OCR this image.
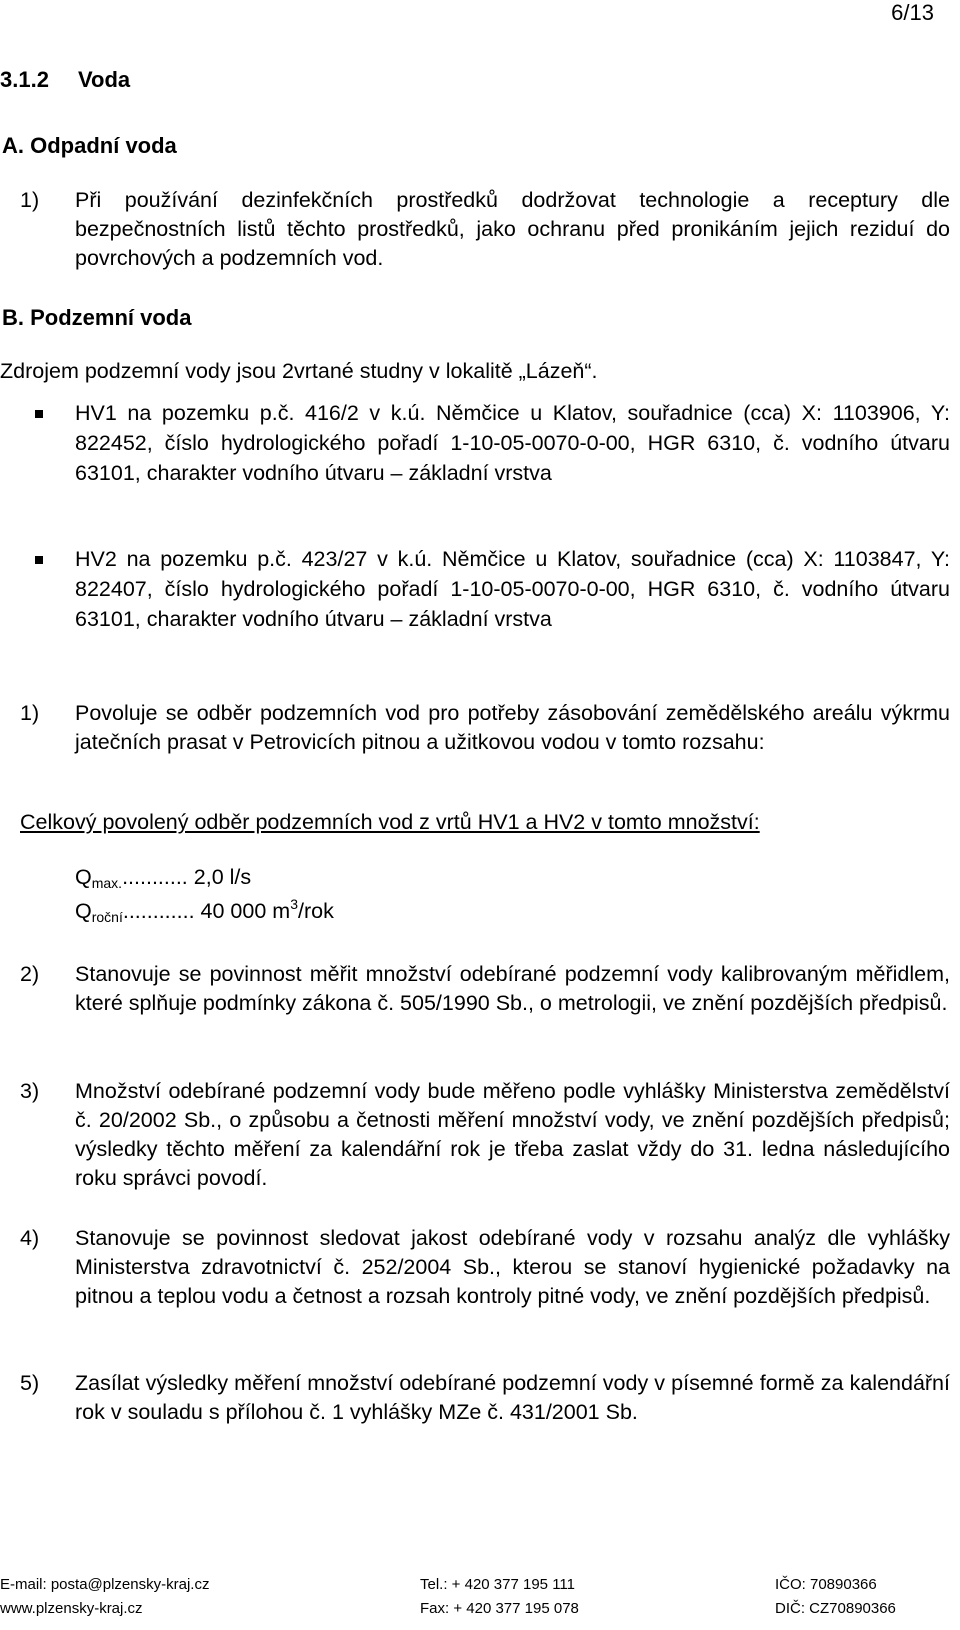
6/13
3.1.2 Voda
A. Odpadní voda
1) Při používání dezinfekčních prostředků dodržovat technologie a receptury dle bezpečnostních listů těchto prostředků, jako ochranu před pronikáním jejich reziduí do povrchových a podzemních vod.
B. Podzemní voda
Zdrojem podzemní vody jsou 2vrtané studny v lokalitě „Lázeň“.
HV1 na pozemku p.č. 416/2 v k.ú. Němčice u Klatov, souřadnice (cca) X: 1103906, Y: 822452, číslo hydrologického pořadí 1-10-05-0070-0-00, HGR 6310, č. vodního útvaru 63101, charakter vodního útvaru – základní vrstva
HV2 na pozemku p.č. 423/27 v k.ú. Němčice u Klatov, souřadnice (cca) X: 1103847, Y: 822407, číslo hydrologického pořadí 1-10-05-0070-0-00, HGR 6310, č. vodního útvaru 63101, charakter vodního útvaru – základní vrstva
1) Povoluje se odběr podzemních vod pro potřeby zásobování zemědělského areálu výkrmu jatečních prasat v Petrovicích pitnou a užitkovou vodou v tomto rozsahu:
Celkový povolený odběr podzemních vod z vrtů HV1 a HV2 v tomto množství:
$Q_{max.}$........... 2,0 l/s
$Q_{roční}$............ 40 000 $m^3$/rok
2) Stanovuje se povinnost měřit množství odebírané podzemní vody kalibrovaným měřidlem, které splňuje podmínky zákona č. 505/1990 Sb., o metrologii, ve znění pozdějších předpisů.
3) Množství odebírané podzemní vody bude měřeno podle vyhlášky Ministerstva zemědělství č. 20/2002 Sb., o způsobu a četnosti měření množství vody, ve znění pozdějších předpisů; výsledky těchto měření za kalendářní rok je třeba zaslat vždy do 31. ledna následujícího roku správci povodí.
4) Stanovuje se povinnost sledovat jakost odebírané vody v rozsahu analýz dle vyhlášky Ministerstva zdravotnictví č. 252/2004 Sb., kterou se stanoví hygienické požadavky na pitnou a teplou vodu a četnost a rozsah kontroly pitné vody, ve znění pozdějších předpisů.
5) Zasílat výsledky měření množství odebírané podzemní vody v písemné formě za kalendářní rok v souladu s přílohou č. 1 vyhlášky MZe č. 431/2001 Sb.
E-mail: posta@plzensky-kraj.cz
www.plzensky-kraj.cz
Tel.: + 420 377 195 111
Fax: + 420 377 195 078
IČO: 70890366
DIČ: CZ70890366
